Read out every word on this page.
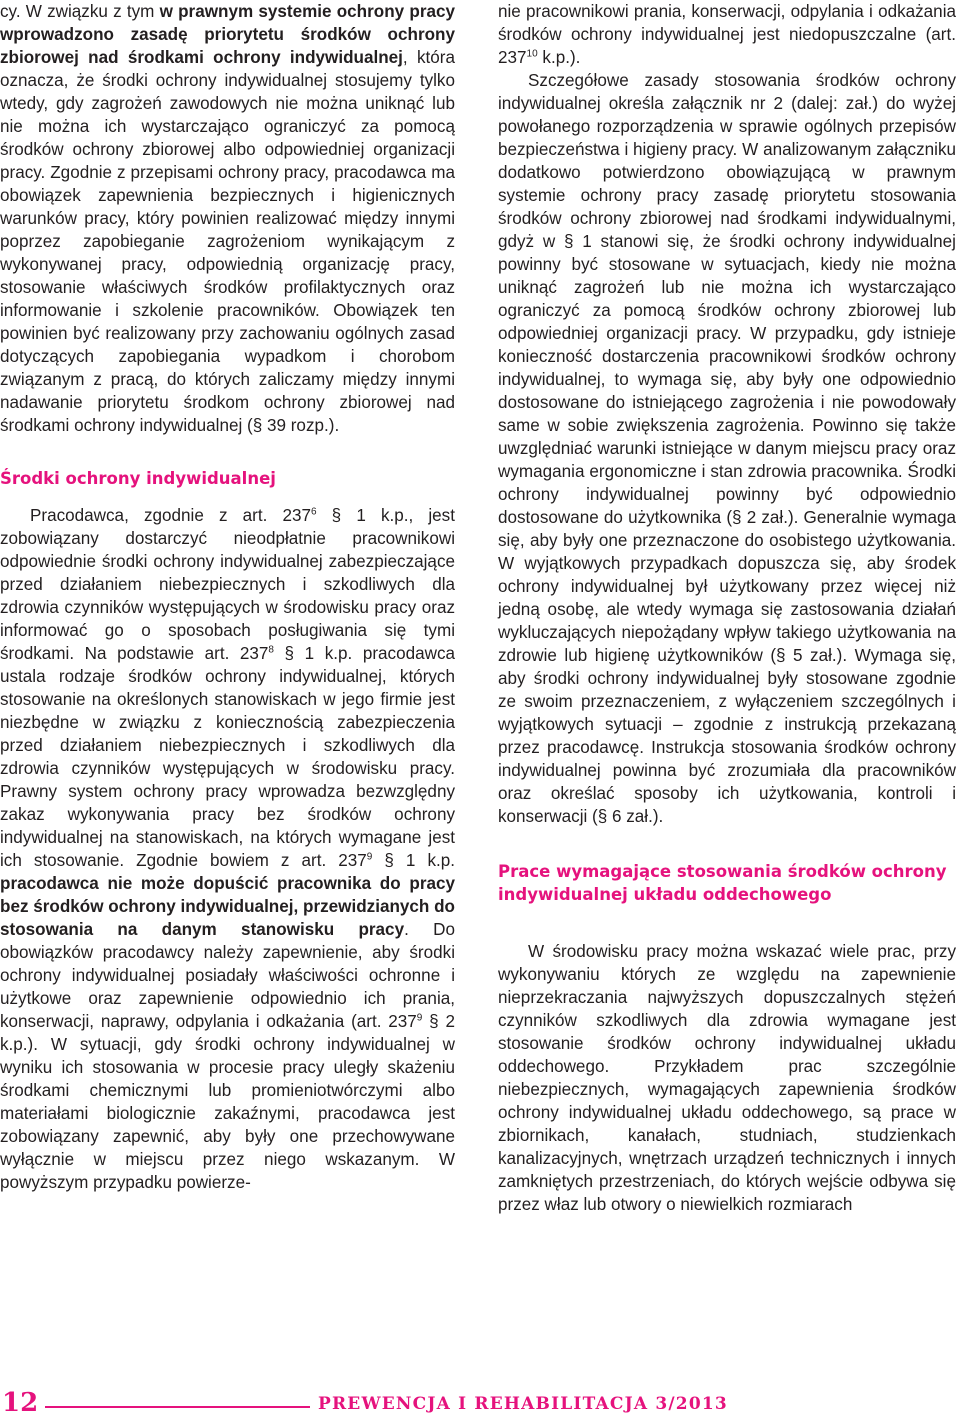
cy. W związku z tym w prawnym systemie ochrony pracy wprowadzono zasadę priorytetu środków ochrony zbiorowej nad środkami ochrony indywidualnej, która oznacza, że środki ochrony indywidualnej stosujemy tylko wtedy, gdy zagrożeń zawodowych nie można uniknąć lub nie można ich wystarczająco ograniczyć za pomocą środków ochrony zbiorowej albo odpowiedniej organizacji pracy. Zgodnie z przepisami ochrony pracy, pracodawca ma obowiązek zapewnienia bezpiecznych i higienicznych warunków pracy, który powinien realizować między innymi poprzez zapobieganie zagrożeniom wynikającym z wykonywanej pracy, odpowiednią organizację pracy, stosowanie właściwych środków profilaktycznych oraz informowanie i szkolenie pracowników. Obowiązek ten powinien być realizowany przy zachowaniu ogólnych zasad dotyczących zapobiegania wypadkom i chorobom związanym z pracą, do których zaliczamy między innymi nadawanie priorytetu środkom ochrony zbiorowej nad środkami ochrony indywidualnej (§ 39 rozp.).

Środki ochrony indywidualnej

Pracodawca, zgodnie z art. $237^6$ § 1 k.p., jest zobowiązany dostarczyć nieodpłatnie pracownikowi odpowiednie środki ochrony indywidualnej zabezpieczające przed działaniem niebezpiecznych i szkodliwych dla zdrowia czynników występujących w środowisku pracy oraz informować go o sposobach posługiwania się tymi środkami. Na podstawie art. $237^8$ § 1 k.p. pracodawca ustala rodzaje środków ochrony indywidualnej, których stosowanie na określonych stanowiskach w jego firmie jest niezbędne w związku z koniecznością zabezpieczenia przed działaniem niebezpiecznych i szkodliwych dla zdrowia czynników występujących w środowisku pracy. Prawny system ochrony pracy wprowadza bezwzględny zakaz wykonywania pracy bez środków ochrony indywidualnej na stanowiskach, na których wymagane jest ich stosowanie. Zgodnie bowiem z art. $237^9$ § 1 k.p. pracodawca nie może dopuścić pracownika do pracy bez środków ochrony indywidualnej, przewidzianych do stosowania na danym stanowisku pracy. Do obowiązków pracodawcy należy zapewnienie, aby środki ochrony indywidualnej posiadały właściwości ochronne i użytkowe oraz zapewnienie odpowiednio ich prania, konserwacji, naprawy, odpylania i odkażania (art. $237^9$ § 2 k.p.). W sytuacji, gdy środki ochrony indywidualnej w wyniku ich stosowania w procesie pracy uległy skażeniu środkami chemicznymi lub promieniotwórczymi albo materiałami biologicznie zakaźnymi, pracodawca jest zobowiązany zapewnić, aby były one przechowywane wyłącznie w miejscu przez niego wskazanym. W powyższym przypadku powierze-

nie pracownikowi prania, konserwacji, odpylania i odkażania środków ochrony indywidualnej jest niedopuszczalne (art. $237^{10}$ k.p.).

Szczegółowe zasady stosowania środków ochrony indywidualnej określa załącznik nr 2 (dalej: zał.) do wyżej powołanego rozporządzenia w sprawie ogólnych przepisów bezpieczeństwa i higieny pracy. W analizowanym załączniku dodatkowo potwierdzono obowiązującą w prawnym systemie ochrony pracy zasadę priorytetu stosowania środków ochrony zbiorowej nad środkami indywidualnymi, gdyż w § 1 stanowi się, że środki ochrony indywidualnej powinny być stosowane w sytuacjach, kiedy nie można uniknąć zagrożeń lub nie można ich wystarczająco ograniczyć za pomocą środków ochrony zbiorowej lub odpowiedniej organizacji pracy. W przypadku, gdy istnieje konieczność dostarczenia pracownikowi środków ochrony indywidualnej, to wymaga się, aby były one odpowiednio dostosowane do istniejącego zagrożenia i nie powodowały same w sobie zwiększenia zagrożenia. Powinno się także uwzględniać warunki istniejące w danym miejscu pracy oraz wymagania ergonomiczne i stan zdrowia pracownika. Środki ochrony indywidualnej powinny być odpowiednio dostosowane do użytkownika (§ 2 zał.). Generalnie wymaga się, aby były one przeznaczone do osobistego użytkowania. W wyjątkowych przypadkach dopuszcza się, aby środek ochrony indywidualnej był użytkowany przez więcej niż jedną osobę, ale wtedy wymaga się zastosowania działań wykluczających niepożądany wpływ takiego użytkowania na zdrowie lub higienę użytkowników (§ 5 zał.). Wymaga się, aby środki ochrony indywidualnej były stosowane zgodnie ze swoim przeznaczeniem, z wyłączeniem szczególnych i wyjątkowych sytuacji – zgodnie z instrukcją przekazaną przez pracodawcę. Instrukcja stosowania środków ochrony indywidualnej powinna być zrozumiała dla pracowników oraz określać sposoby ich użytkowania, kontroli i konserwacji (§ 6 zał.).

Prace wymagające stosowania środków ochrony indywidualnej układu oddechowego

W środowisku pracy można wskazać wiele prac, przy wykonywaniu których ze względu na zapewnienie nieprzekraczania najwyższych dopuszczalnych stężeń czynników szkodliwych dla zdrowia wymagane jest stosowanie środków ochrony indywidualnej układu oddechowego. Przykładem prac szczególnie niebezpiecznych, wymagających zapewnienia środków ochrony indywidualnej układu oddechowego, są prace w zbiornikach, kanałach, studniach, studzienkach kanalizacyjnych, wnętrzach urządzeń technicznych i innych zamkniętych przestrzeniach, do których wejście odbywa się przez właz lub otwory o niewielkich rozmiarach

12	PREWENCJA I REHABILITACJA 3/2013
